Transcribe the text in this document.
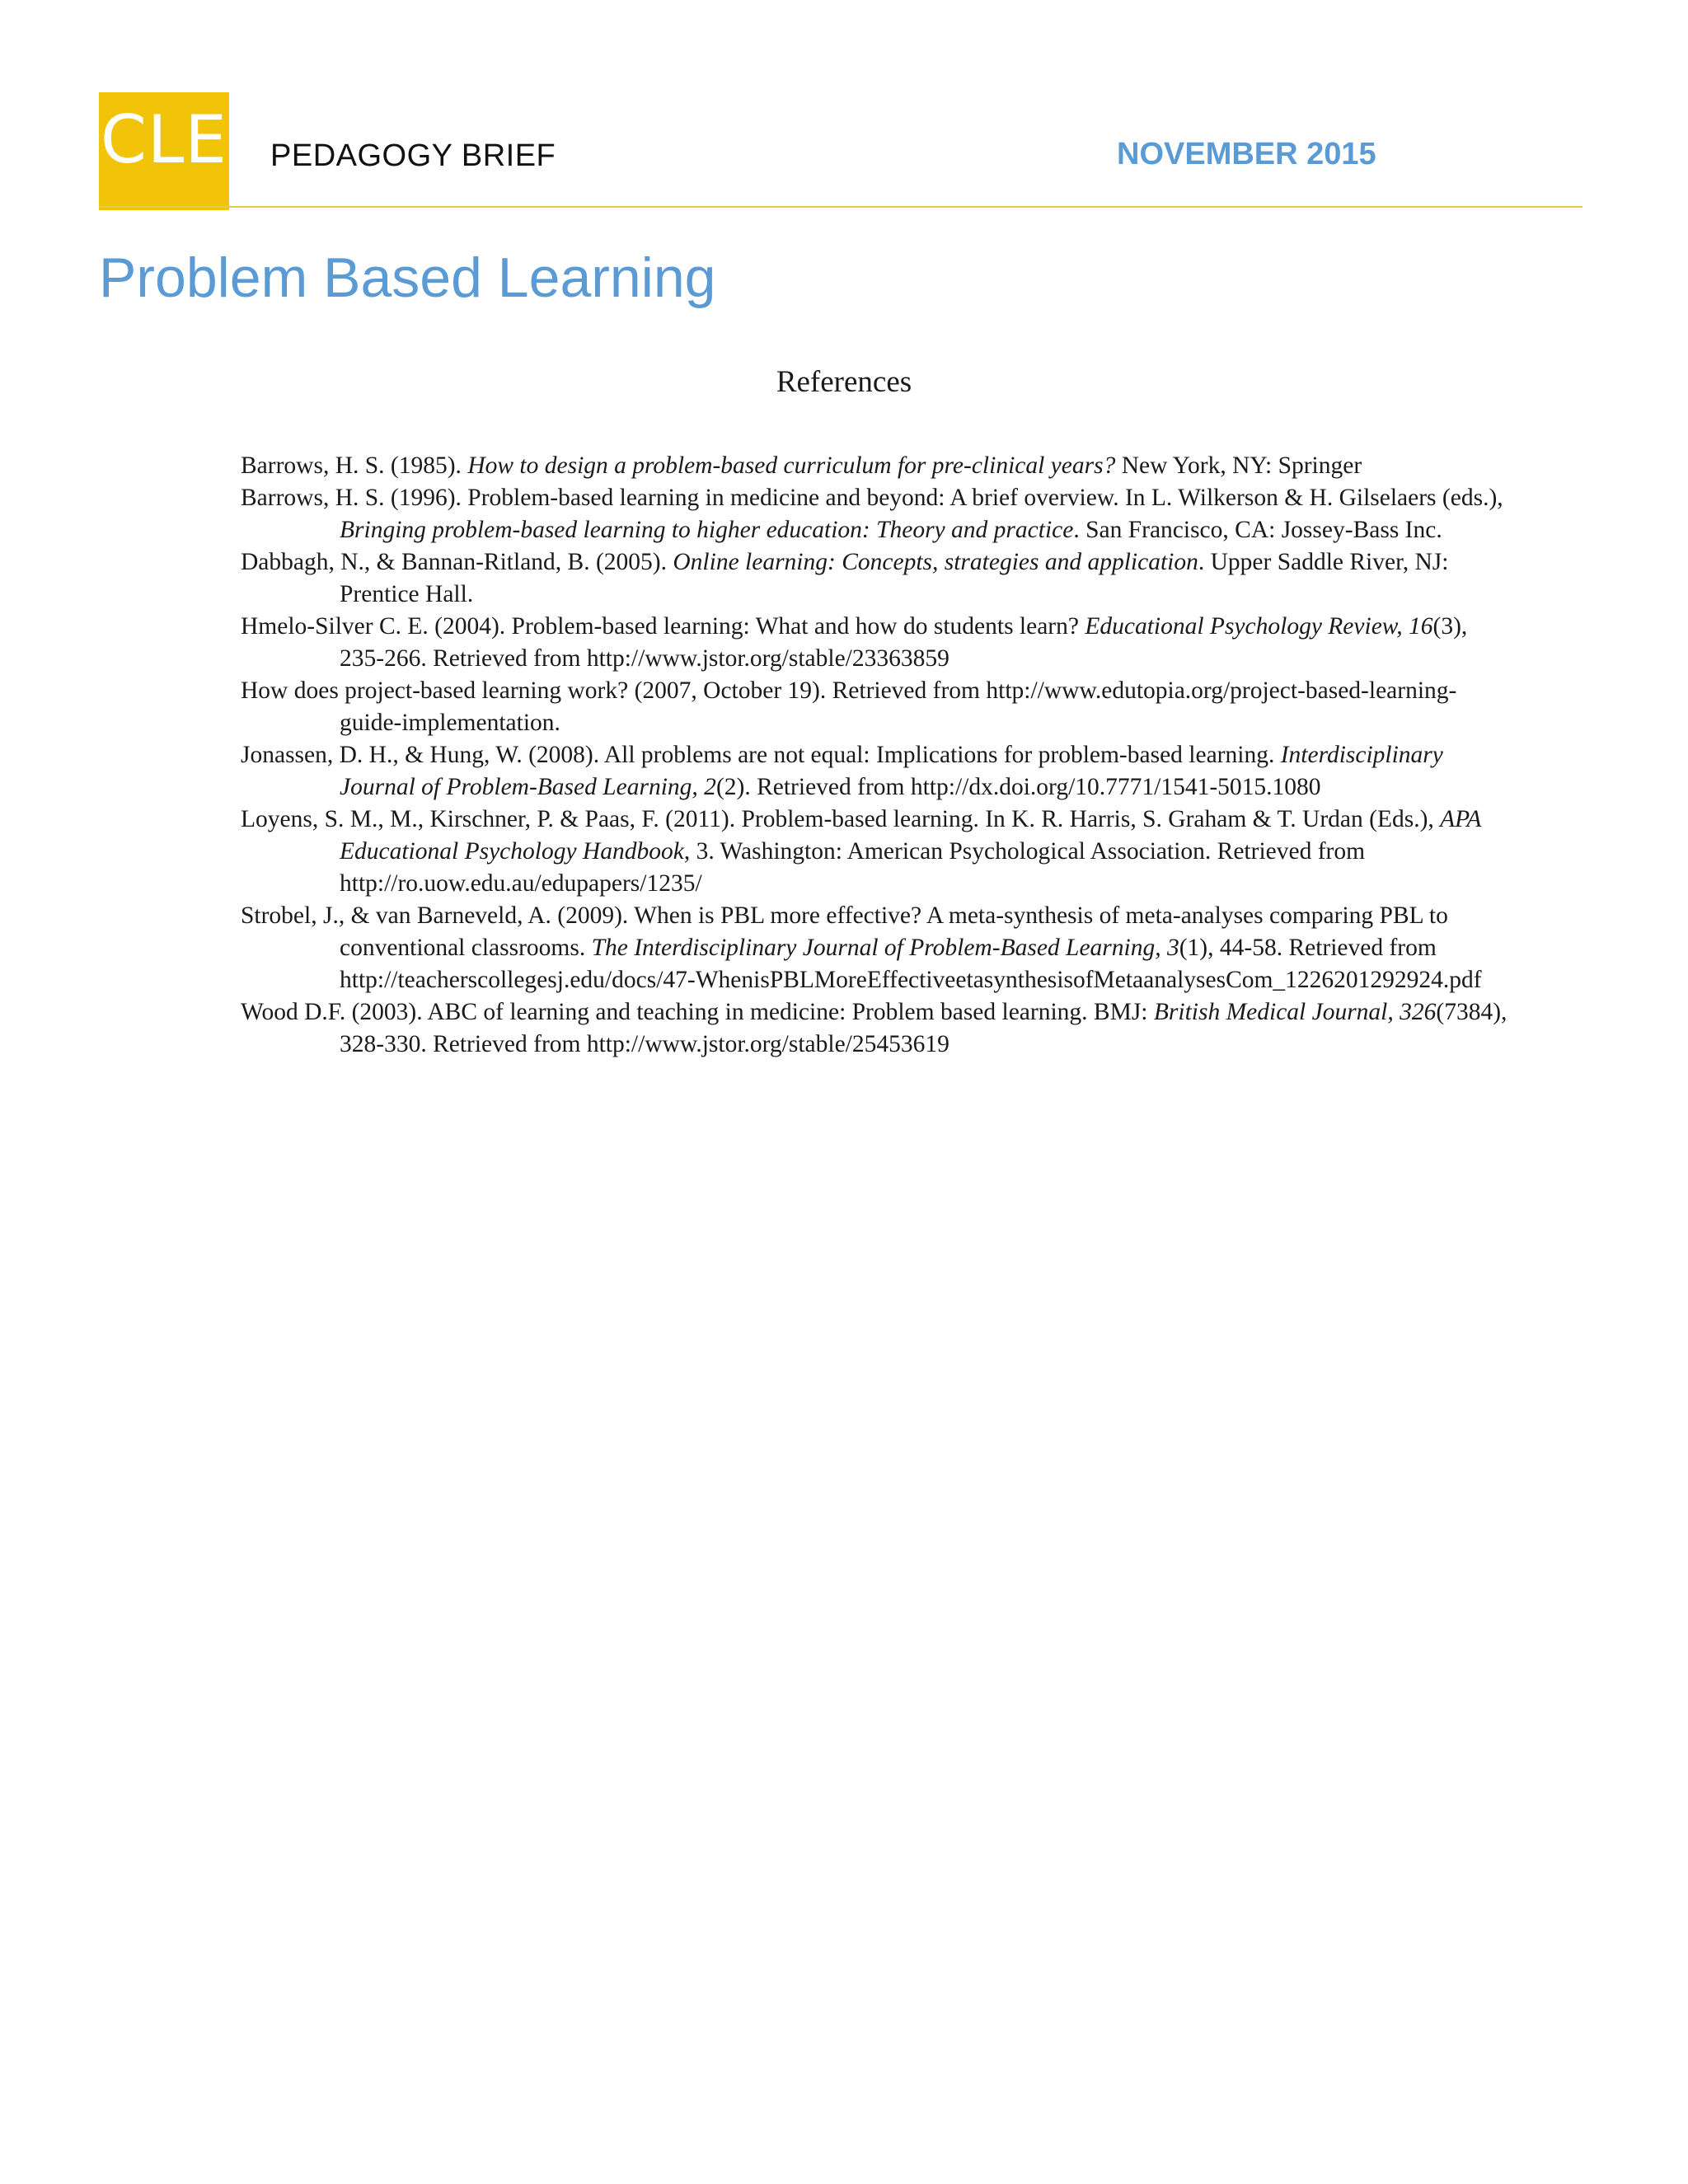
CLE PEDAGOGY BRIEF	NOVEMBER 2015
Problem Based Learning
References
Barrows, H. S. (1985). How to design a problem-based curriculum for pre-clinical years? New York, NY: Springer
Barrows, H. S. (1996). Problem-based learning in medicine and beyond: A brief overview. In L. Wilkerson & H. Gilselaers (eds.), Bringing problem-based learning to higher education: Theory and practice. San Francisco, CA: Jossey-Bass Inc.
Dabbagh, N., & Bannan-Ritland, B. (2005). Online learning: Concepts, strategies and application. Upper Saddle River, NJ: Prentice Hall.
Hmelo-Silver C. E. (2004). Problem-based learning: What and how do students learn? Educational Psychology Review, 16(3), 235-266. Retrieved from http://www.jstor.org/stable/23363859
How does project-based learning work? (2007, October 19). Retrieved from http://www.edutopia.org/project-based-learning- guide-implementation.
Jonassen, D. H., & Hung, W. (2008). All problems are not equal: Implications for problem-based learning. Interdisciplinary Journal of Problem-Based Learning, 2(2). Retrieved from http://dx.doi.org/10.7771/1541-5015.1080
Loyens, S. M., M., Kirschner, P. & Paas, F. (2011). Problem-based learning. In K. R. Harris, S. Graham & T. Urdan (Eds.), APA Educational Psychology Handbook, 3. Washington: American Psychological Association. Retrieved from http://ro.uow.edu.au/edupapers/1235/
Strobel, J., & van Barneveld, A. (2009). When is PBL more effective? A meta-synthesis of meta-analyses comparing PBL to conventional classrooms. The Interdisciplinary Journal of Problem-Based Learning, 3(1), 44-58. Retrieved from http://teacherscollegesj.edu/docs/47-WhenisPBLMoreEffectiveetasynthesisofMetaanalysesCom_1226201292924.pdf
Wood D.F. (2003). ABC of learning and teaching in medicine: Problem based learning. BMJ: British Medical Journal, 326(7384), 328-330. Retrieved from http://www.jstor.org/stable/25453619
